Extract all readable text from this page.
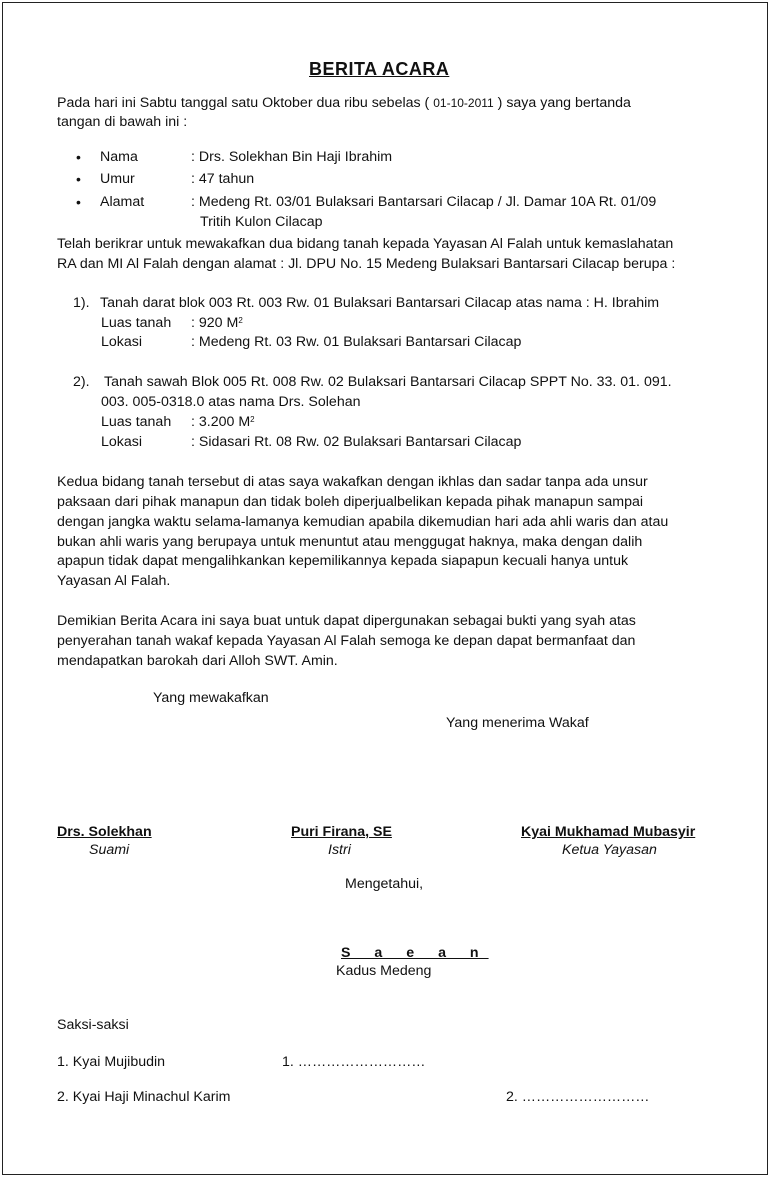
BERITA ACARA
Pada hari ini Sabtu tanggal satu Oktober dua ribu sebelas ( 01-10-2011 ) saya yang bertanda
tangan di bawah ini :
• Nama	: Drs. Solekhan Bin Haji Ibrahim
• Umur	: 47 tahun
• Alamat	: Medeng Rt. 03/01 Bulaksari Bantarsari Cilacap / Jl. Damar 10A Rt. 01/09
Tritih Kulon Cilacap
Telah berikrar untuk mewakafkan dua bidang tanah kepada Yayasan Al Falah untuk kemaslahatan
RA dan MI Al Falah dengan alamat : Jl. DPU No. 15 Medeng Bulaksari Bantarsari Cilacap berupa :
1). Tanah darat blok 003 Rt. 003 Rw. 01 Bulaksari Bantarsari Cilacap atas nama : H. Ibrahim
Luas tanah : 920 $M^2$
Lokasi	: Medeng Rt. 03 Rw. 01 Bulaksari Bantarsari Cilacap
2). Tanah sawah Blok 005 Rt. 008 Rw. 02 Bulaksari Bantarsari Cilacap SPPT No. 33. 01. 091.
003. 005-0318.0 atas nama Drs. Solehan
Luas tanah : 3.200 $M^2$
Lokasi	: Sidasari Rt. 08 Rw. 02 Bulaksari Bantarsari Cilacap
Kedua bidang tanah tersebut di atas saya wakafkan dengan ikhlas dan sadar tanpa ada unsur
paksaan dari pihak manapun dan tidak boleh diperjualbelikan kepada pihak manapun sampai
dengan jangka waktu selama-lamanya kemudian apabila dikemudian hari ada ahli waris dan atau
bukan ahli waris yang berupaya untuk menuntut atau menggugat haknya, maka dengan dalih
apapun tidak dapat mengalihkankan kepemilikannya kepada siapapun kecuali hanya untuk
Yayasan Al Falah.
Demikian Berita Acara ini saya buat untuk dapat dipergunakan sebagai bukti yang syah atas
penyerahan tanah wakaf kepada Yayasan Al Falah semoga ke depan dapat bermanfaat dan
mendapatkan barokah dari Alloh SWT. Amin.
Yang mewakafkan
Yang menerima Wakaf
Drs. Solekhan
Suami
Puri Firana, SE
Istri
Kyai Mukhamad Mubasyir
Ketua Yayasan
Mengetahui,
S a e a n
Kadus Medeng
Saksi-saksi
1. Kyai Mujibudin	1. ………………………
2. Kyai Haji Minachul Karim	2. ………………………
